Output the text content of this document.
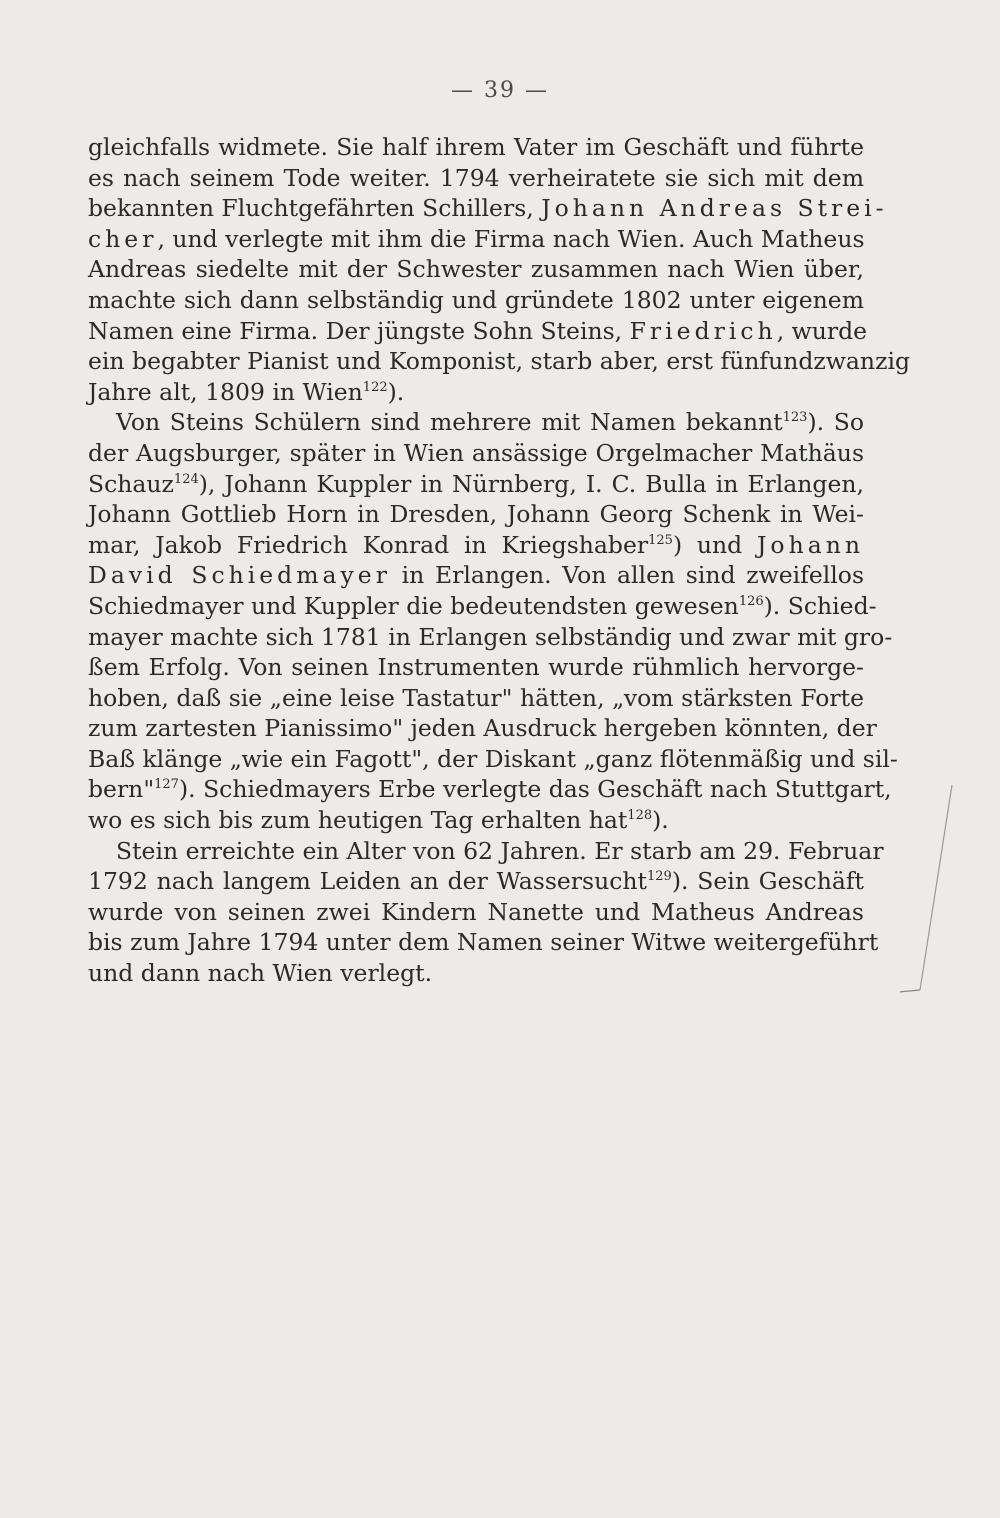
— 39 —
gleichfalls widmete. Sie half ihrem Vater im Geschäft und führte
es nach seinem Tode weiter. 1794 verheiratete sie sich mit dem
bekannten Fluchtgefährten Schillers, Johann Andreas Strei-
cher, und verlegte mit ihm die Firma nach Wien. Auch Matheus
Andreas siedelte mit der Schwester zusammen nach Wien über,
machte sich dann selbständig und gründete 1802 unter eigenem
Namen eine Firma. Der jüngste Sohn Steins, Friedrich, wurde
ein begabter Pianist und Komponist, starb aber, erst fünfundzwanzig
Jahre alt, 1809 in Wien$^{122}$).
Von Steins Schülern sind mehrere mit Namen bekannt$^{123}$). So
der Augsburger, später in Wien ansässige Orgelmacher Mathäus
Schauz$^{124}$), Johann Kuppler in Nürnberg, I. C. Bulla in Erlangen,
Johann Gottlieb Horn in Dresden, Johann Georg Schenk in Wei-
mar, Jakob Friedrich Konrad in Kriegshaber$^{125}$) und Johann
David Schiedmayer in Erlangen. Von allen sind zweifellos
Schiedmayer und Kuppler die bedeutendsten gewesen$^{126}$). Schied-
mayer machte sich 1781 in Erlangen selbständig und zwar mit gro-
ßem Erfolg. Von seinen Instrumenten wurde rühmlich hervorge-
hoben, daß sie „eine leise Tastatur" hätten, „vom stärksten Forte
zum zartesten Pianissimo" jeden Ausdruck hergeben könnten, der
Baß klänge „wie ein Fagott", der Diskant „ganz flötenmäßig und sil-
bern"$^{127}$). Schiedmayers Erbe verlegte das Geschäft nach Stuttgart,
wo es sich bis zum heutigen Tag erhalten hat$^{128}$).
Stein erreichte ein Alter von 62 Jahren. Er starb am 29. Februar
1792 nach langem Leiden an der Wassersucht$^{129}$). Sein Geschäft
wurde von seinen zwei Kindern Nanette und Matheus Andreas
bis zum Jahre 1794 unter dem Namen seiner Witwe weitergeführt
und dann nach Wien verlegt.
